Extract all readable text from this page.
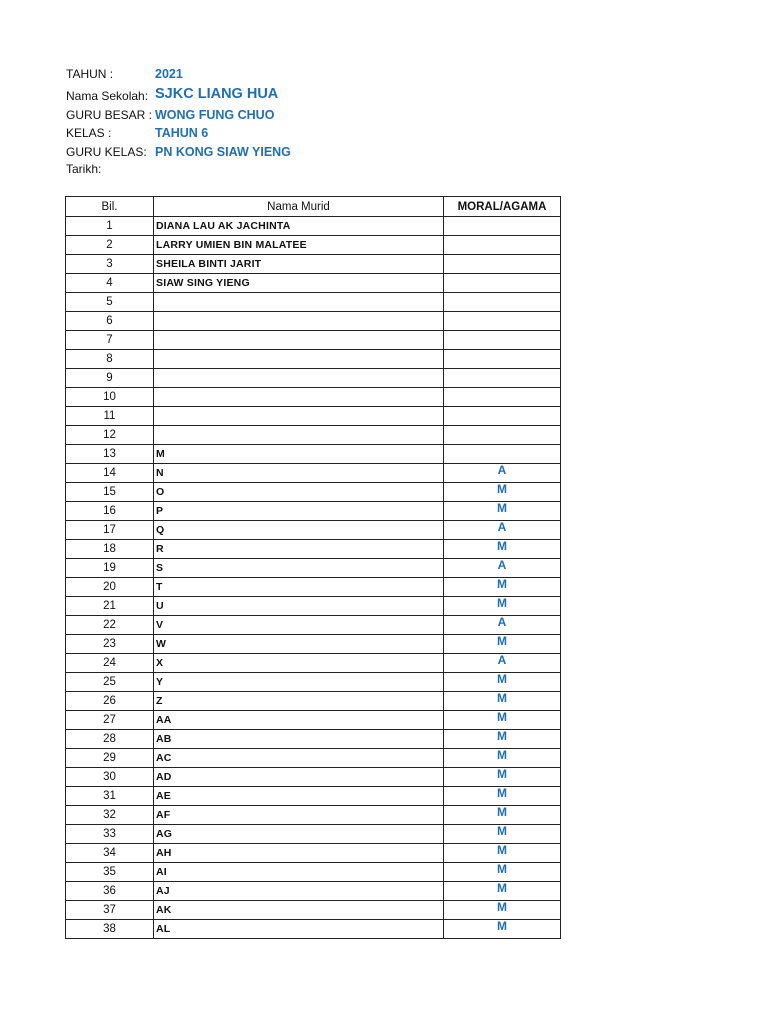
TAHUN :	2021
Nama Sekolah: SJKC LIANG HUA
GURU BESAR : WONG FUNG CHUO
KELAS :	TAHUN 6
GURU KELAS: PN KONG SIAW YIENG
Tarikh:
Bil.	Nama Murid	MORAL/AGAMA
1	DIANA LAU AK JACHINTA	
2	LARRY UMIEN BIN MALATEE	
3	SHEILA BINTI JARIT	
4	SIAW SING YIENG	
5		
6		
7		
8		
9		
10		
11		
12		
13	M	
14	N	A
15	O	M
16	P	M
17	Q	A
18	R	M
19	S	A
20	T	M
21	U	M
22	V	A
23	W	M
24	X	A
25	Y	M
26	Z	M
27	AA	M
28	AB	M
29	AC	M
30	AD	M
31	AE	M
32	AF	M
33	AG	M
34	AH	M
35	AI	M
36	AJ	M
37	AK	M
38	AL	M
